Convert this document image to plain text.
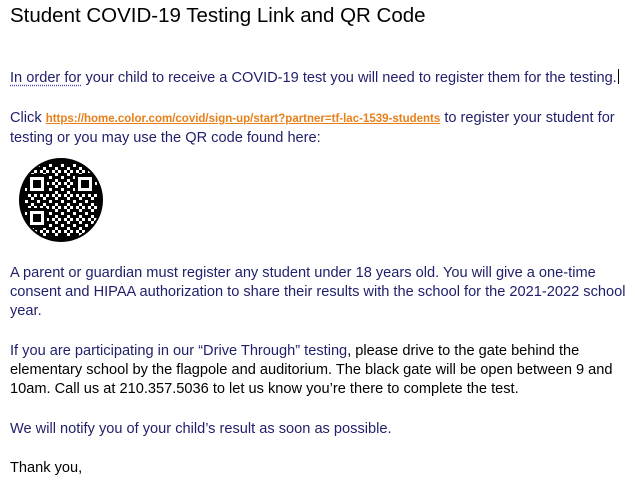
Student COVID-19 Testing Link and QR Code

In order for your child to receive a COVID-19 test you will need to register them for the testing.

Click https://home.color.com/covid/sign-up/start?partner=tf-lac-1539-students to register your student for testing or you may use the QR code found here:

A parent or guardian must register any student under 18 years old. You will give a one-time consent and HIPAA authorization to share their results with the school for the 2021-2022 school year.

If you are participating in our “Drive Through” testing, please drive to the gate behind the elementary school by the flagpole and auditorium. The black gate will be open between 9 and 10am. Call us at 210.357.5036 to let us know you’re there to complete the test.

We will notify you of your child’s result as soon as possible.

Thank you,
